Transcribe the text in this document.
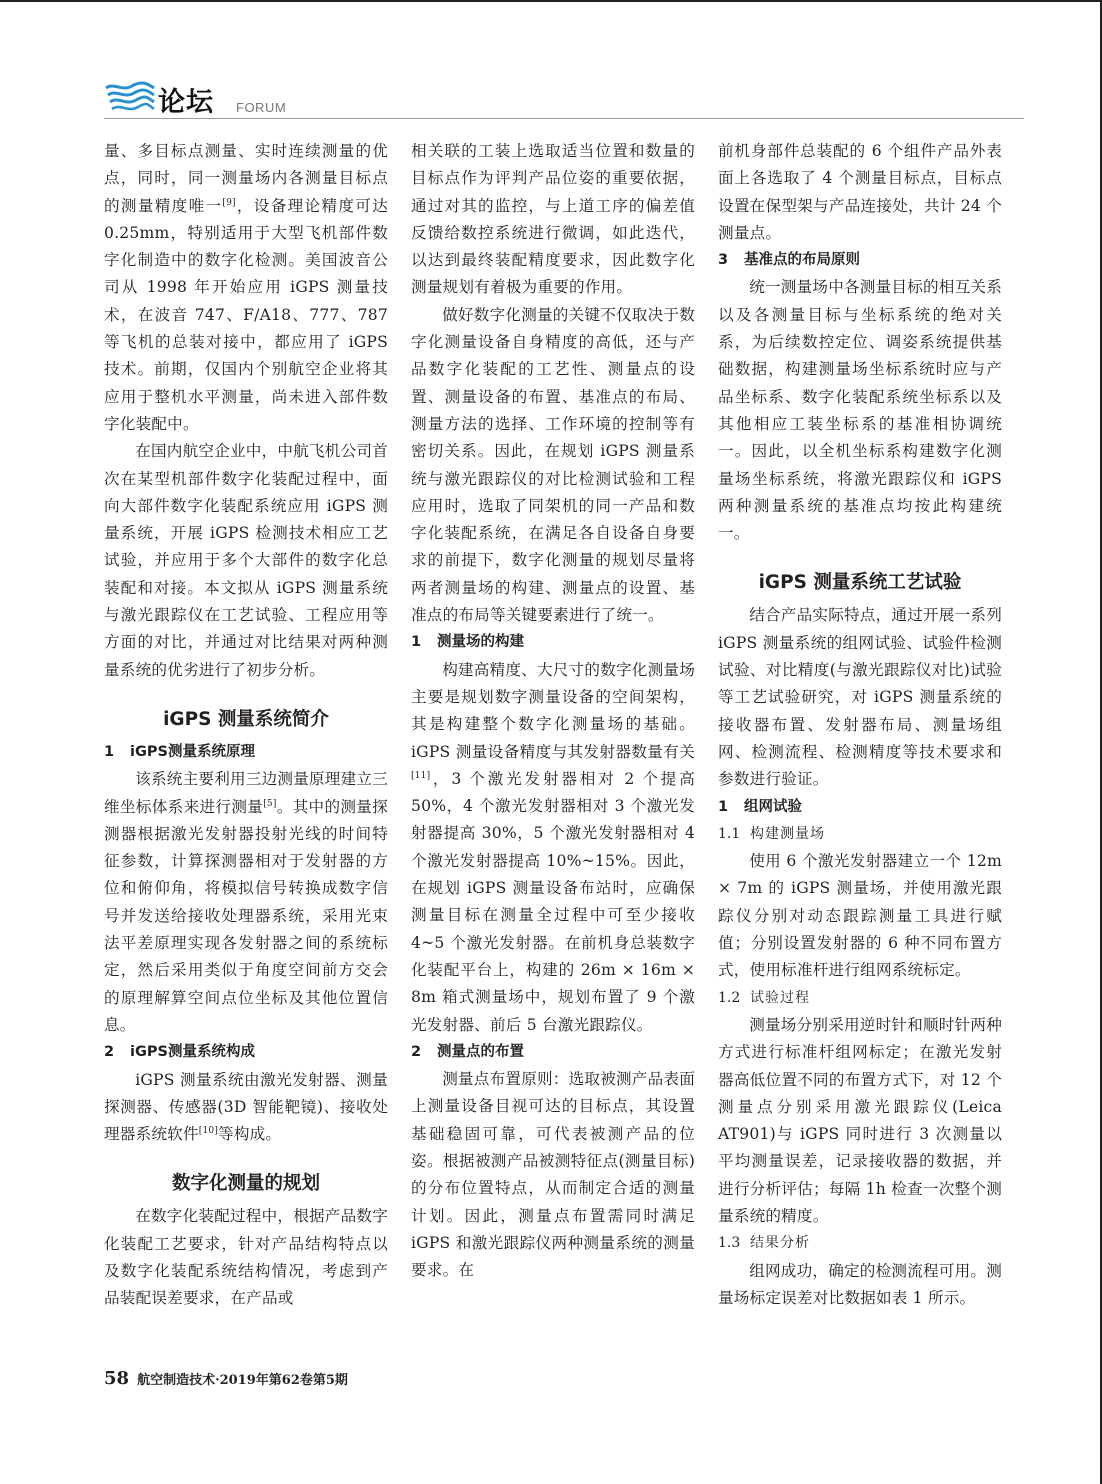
论坛 FORUM

量、多目标点测量、实时连续测量的优点，同时，同一测量场内各测量目标点的测量精度唯一[9]，设备理论精度可达 0.25mm，特别适用于大型飞机部件数字化制造中的数字化检测。美国波音公司从 1998 年开始应用 iGPS 测量技术，在波音 747、F/A18、777、787 等飞机的总装对接中，都应用了 iGPS 技术。前期，仅国内个别航空企业将其应用于整机水平测量，尚未进入部件数字化装配中。

在国内航空企业中，中航飞机公司首次在某型机部件数字化装配过程中，面向大部件数字化装配系统应用 iGPS 测量系统，开展 iGPS 检测技术相应工艺试验，并应用于多个大部件的数字化总装配和对接。本文拟从 iGPS 测量系统与激光跟踪仪在工艺试验、工程应用等方面的对比，并通过对比结果对两种测量系统的优劣进行了初步分析。

iGPS 测量系统简介

1 iGPS测量系统原理

该系统主要利用三边测量原理建立三维坐标体系来进行测量[5]。其中的测量探测器根据激光发射器投射光线的时间特征参数，计算探测器相对于发射器的方位和俯仰角，将模拟信号转换成数字信号并发送给接收处理器系统，采用光束法平差原理实现各发射器之间的系统标定，然后采用类似于角度空间前方交会的原理解算空间点位坐标及其他位置信息。

2 iGPS测量系统构成

iGPS 测量系统由激光发射器、测量探测器、传感器(3D 智能靶镜)、接收处理器系统软件[10]等构成。

数字化测量的规划

在数字化装配过程中，根据产品数字化装配工艺要求，针对产品结构特点以及数字化装配系统结构情况，考虑到产品装配误差要求，在产品或

相关联的工装上选取适当位置和数量的目标点作为评判产品位姿的重要依据，通过对其的监控，与上道工序的偏差值反馈给数控系统进行微调，如此迭代，以达到最终装配精度要求，因此数字化测量规划有着极为重要的作用。

做好数字化测量的关键不仅取决于数字化测量设备自身精度的高低，还与产品数字化装配的工艺性、测量点的设置、测量设备的布置、基准点的布局、测量方法的选择、工作环境的控制等有密切关系。因此，在规划 iGPS 测量系统与激光跟踪仪的对比检测试验和工程应用时，选取了同架机的同一产品和数字化装配系统，在满足各自设备自身要求的前提下，数字化测量的规划尽量将两者测量场的构建、测量点的设置、基准点的布局等关键要素进行了统一。

1 测量场的构建

构建高精度、大尺寸的数字化测量场主要是规划数字测量设备的空间架构，其是构建整个数字化测量场的基础。iGPS 测量设备精度与其发射器数量有关[11]，3 个激光发射器相对 2 个提高 50%，4 个激光发射器相对 3 个激光发射器提高 30%，5 个激光发射器相对 4 个激光发射器提高 10%~15%。因此，在规划 iGPS 测量设备布站时，应确保测量目标在测量全过程中可至少接收 4~5 个激光发射器。在前机身总装数字化装配平台上，构建的 26m × 16m × 8m 箱式测量场中，规划布置了 9 个激光发射器、前后 5 台激光跟踪仪。

2 测量点的布置

测量点布置原则：选取被测产品表面上测量设备目视可达的目标点，其设置基础稳固可靠，可代表被测产品的位姿。根据被测产品被测特征点(测量目标)的分布位置特点，从而制定合适的测量计划。因此，测量点布置需同时满足 iGPS 和激光跟踪仪两种测量系统的测量要求。在

前机身部件总装配的 6 个组件产品外表面上各选取了 4 个测量目标点，目标点设置在保型架与产品连接处，共计 24 个测量点。

3 基准点的布局原则

统一测量场中各测量目标的相互关系以及各测量目标与坐标系统的绝对关系，为后续数控定位、调姿系统提供基础数据，构建测量场坐标系统时应与产品坐标系、数字化装配系统坐标系以及其他相应工装坐标系的基准相协调统一。因此，以全机坐标系构建数字化测量场坐标系统，将激光跟踪仪和 iGPS 两种测量系统的基准点均按此构建统一。

iGPS 测量系统工艺试验

结合产品实际特点，通过开展一系列 iGPS 测量系统的组网试验、试验件检测试验、对比精度(与激光跟踪仪对比)试验等工艺试验研究，对 iGPS 测量系统的接收器布置、发射器布局、测量场组网、检测流程、检测精度等技术要求和参数进行验证。

1 组网试验

1.1 构建测量场

使用 6 个激光发射器建立一个 12m × 7m 的 iGPS 测量场，并使用激光跟踪仪分别对动态跟踪测量工具进行赋值；分别设置发射器的 6 种不同布置方式，使用标准杆进行组网系统标定。

1.2 试验过程

测量场分别采用逆时针和顺时针两种方式进行标准杆组网标定；在激光发射器高低位置不同的布置方式下，对 12 个测量点分别采用激光跟踪仪(Leica AT901)与 iGPS 同时进行 3 次测量以平均测量误差，记录接收器的数据，并进行分析评估；每隔 1h 检查一次整个测量系统的精度。

1.3 结果分析

组网成功，确定的检测流程可用。测量场标定误差对比数据如表 1 所示。

58 航空制造技术·2019年第62卷第5期
